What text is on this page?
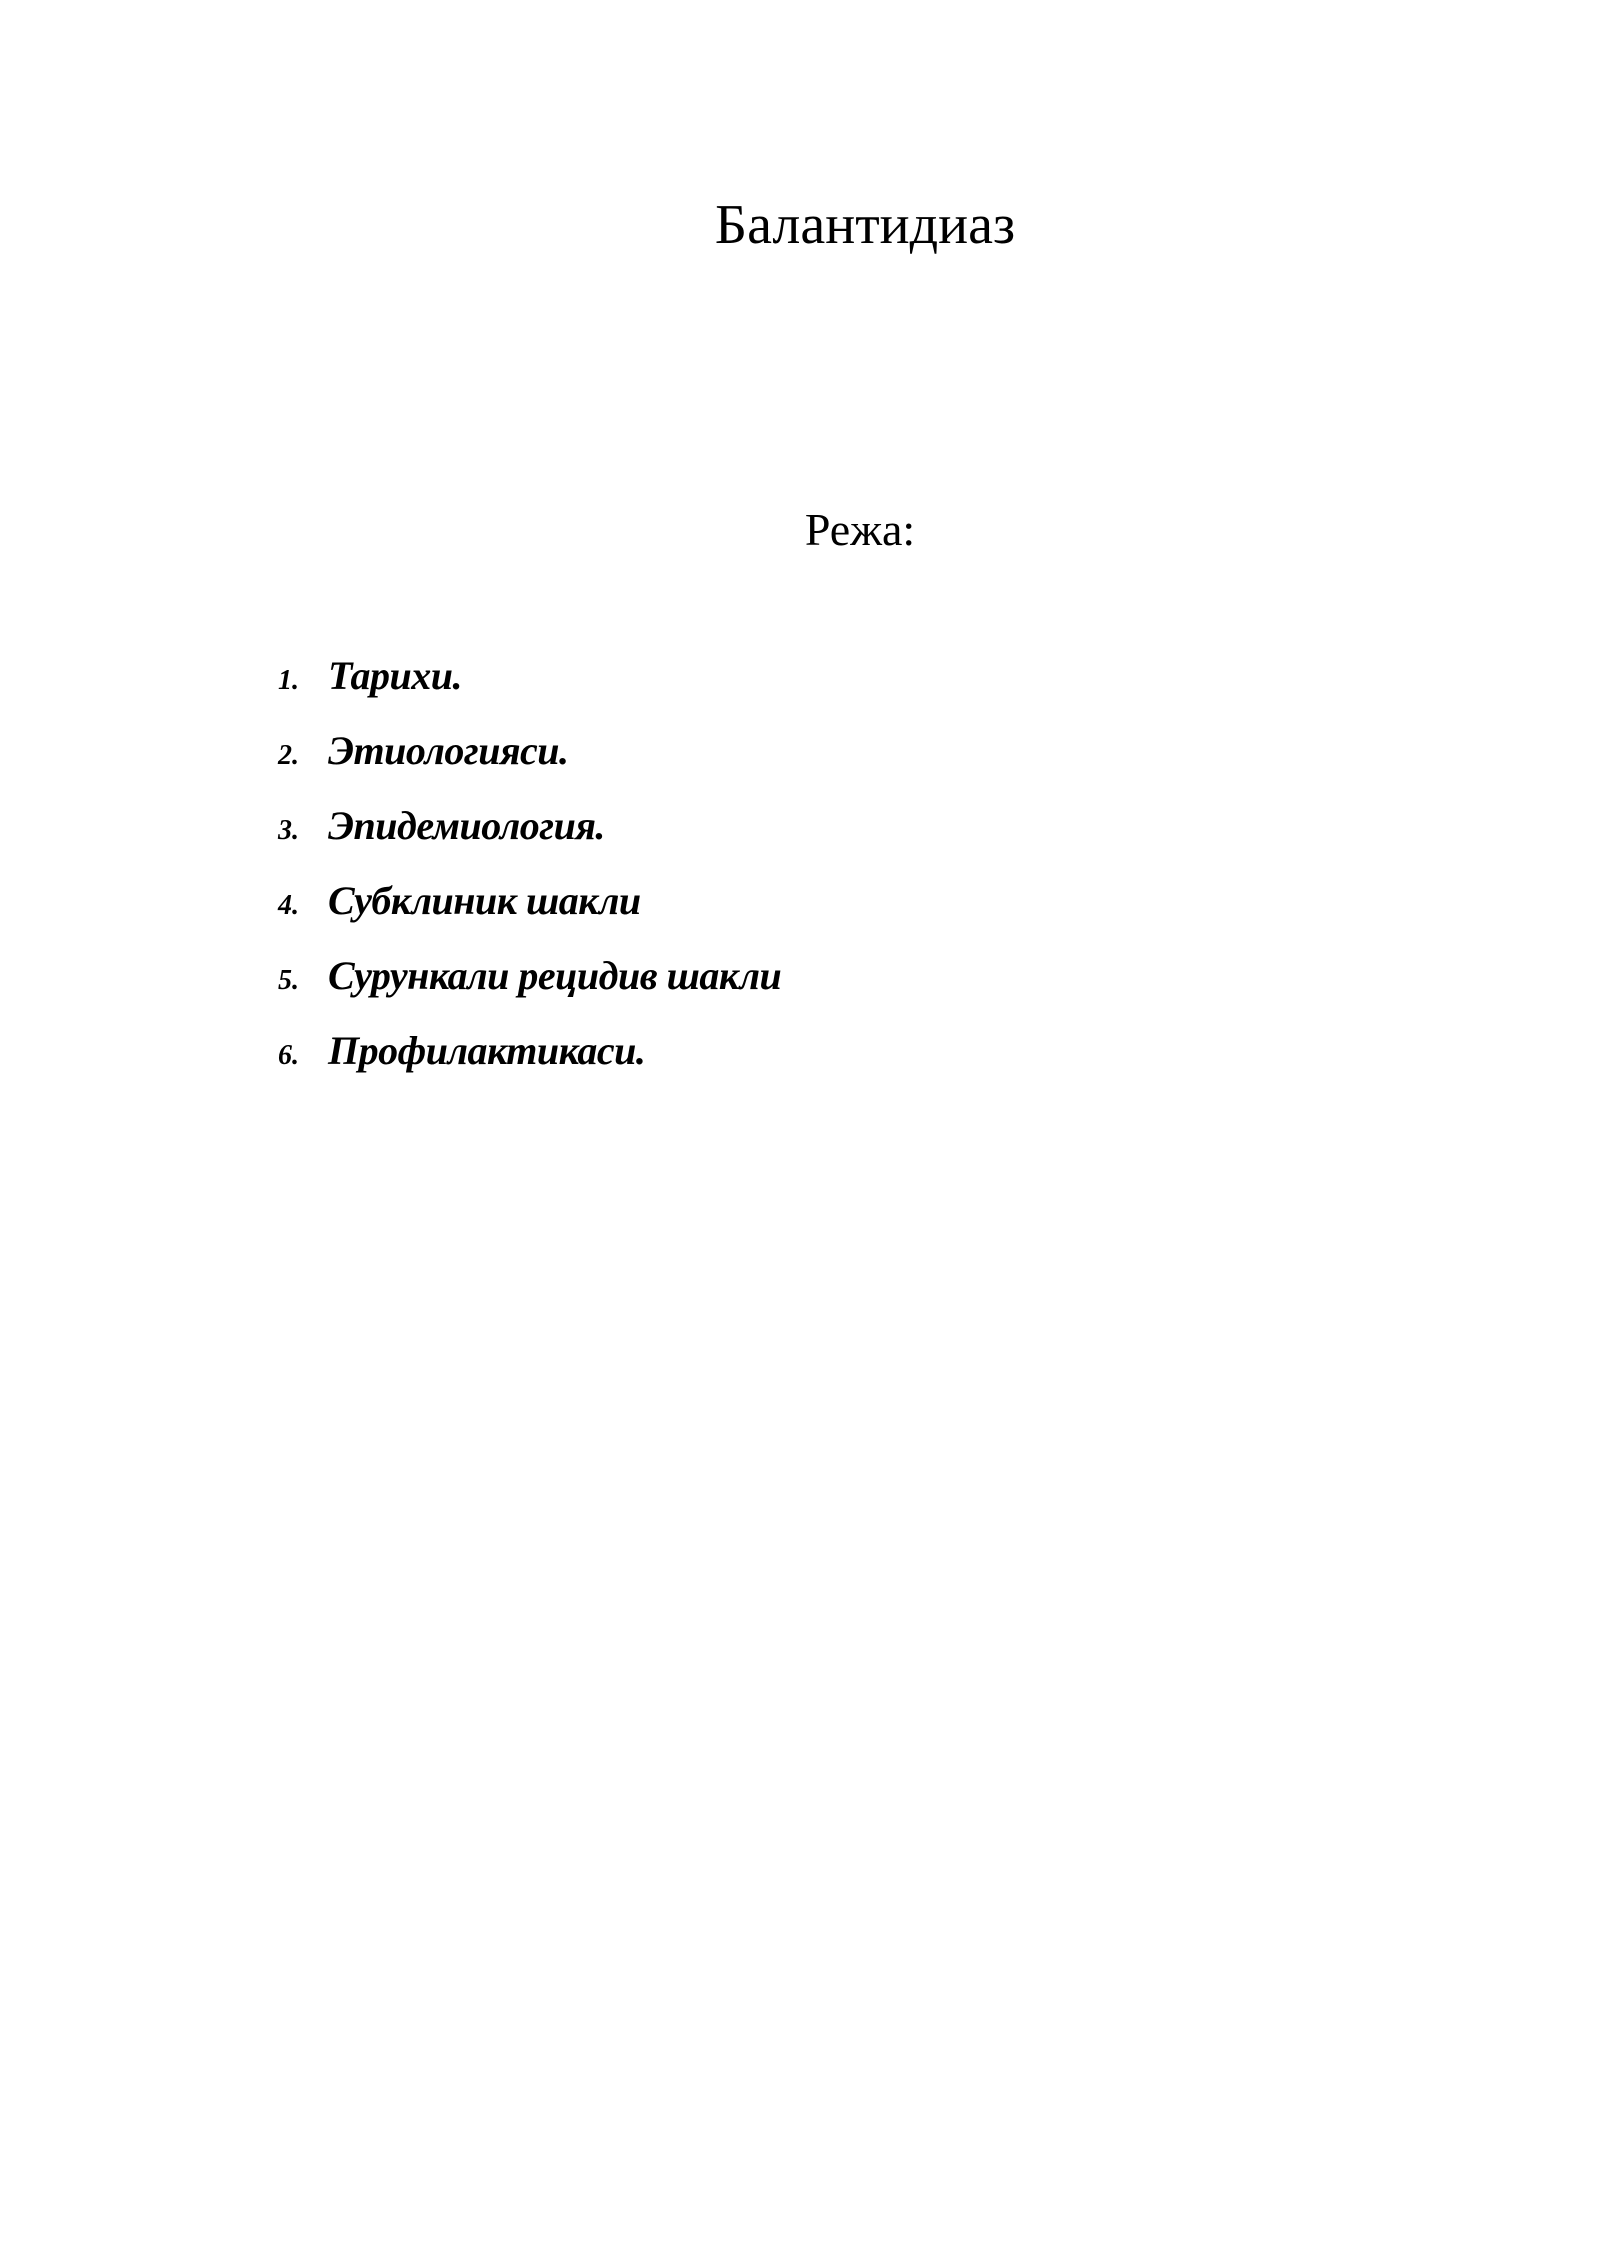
Балантидиаз
Режа:
1. Тарихи.
2. Этиологияси.
3. Эпидемиология.
4. Субклиник шакли
5. Сурункали рецидив шакли
6. Профилактикаси.
